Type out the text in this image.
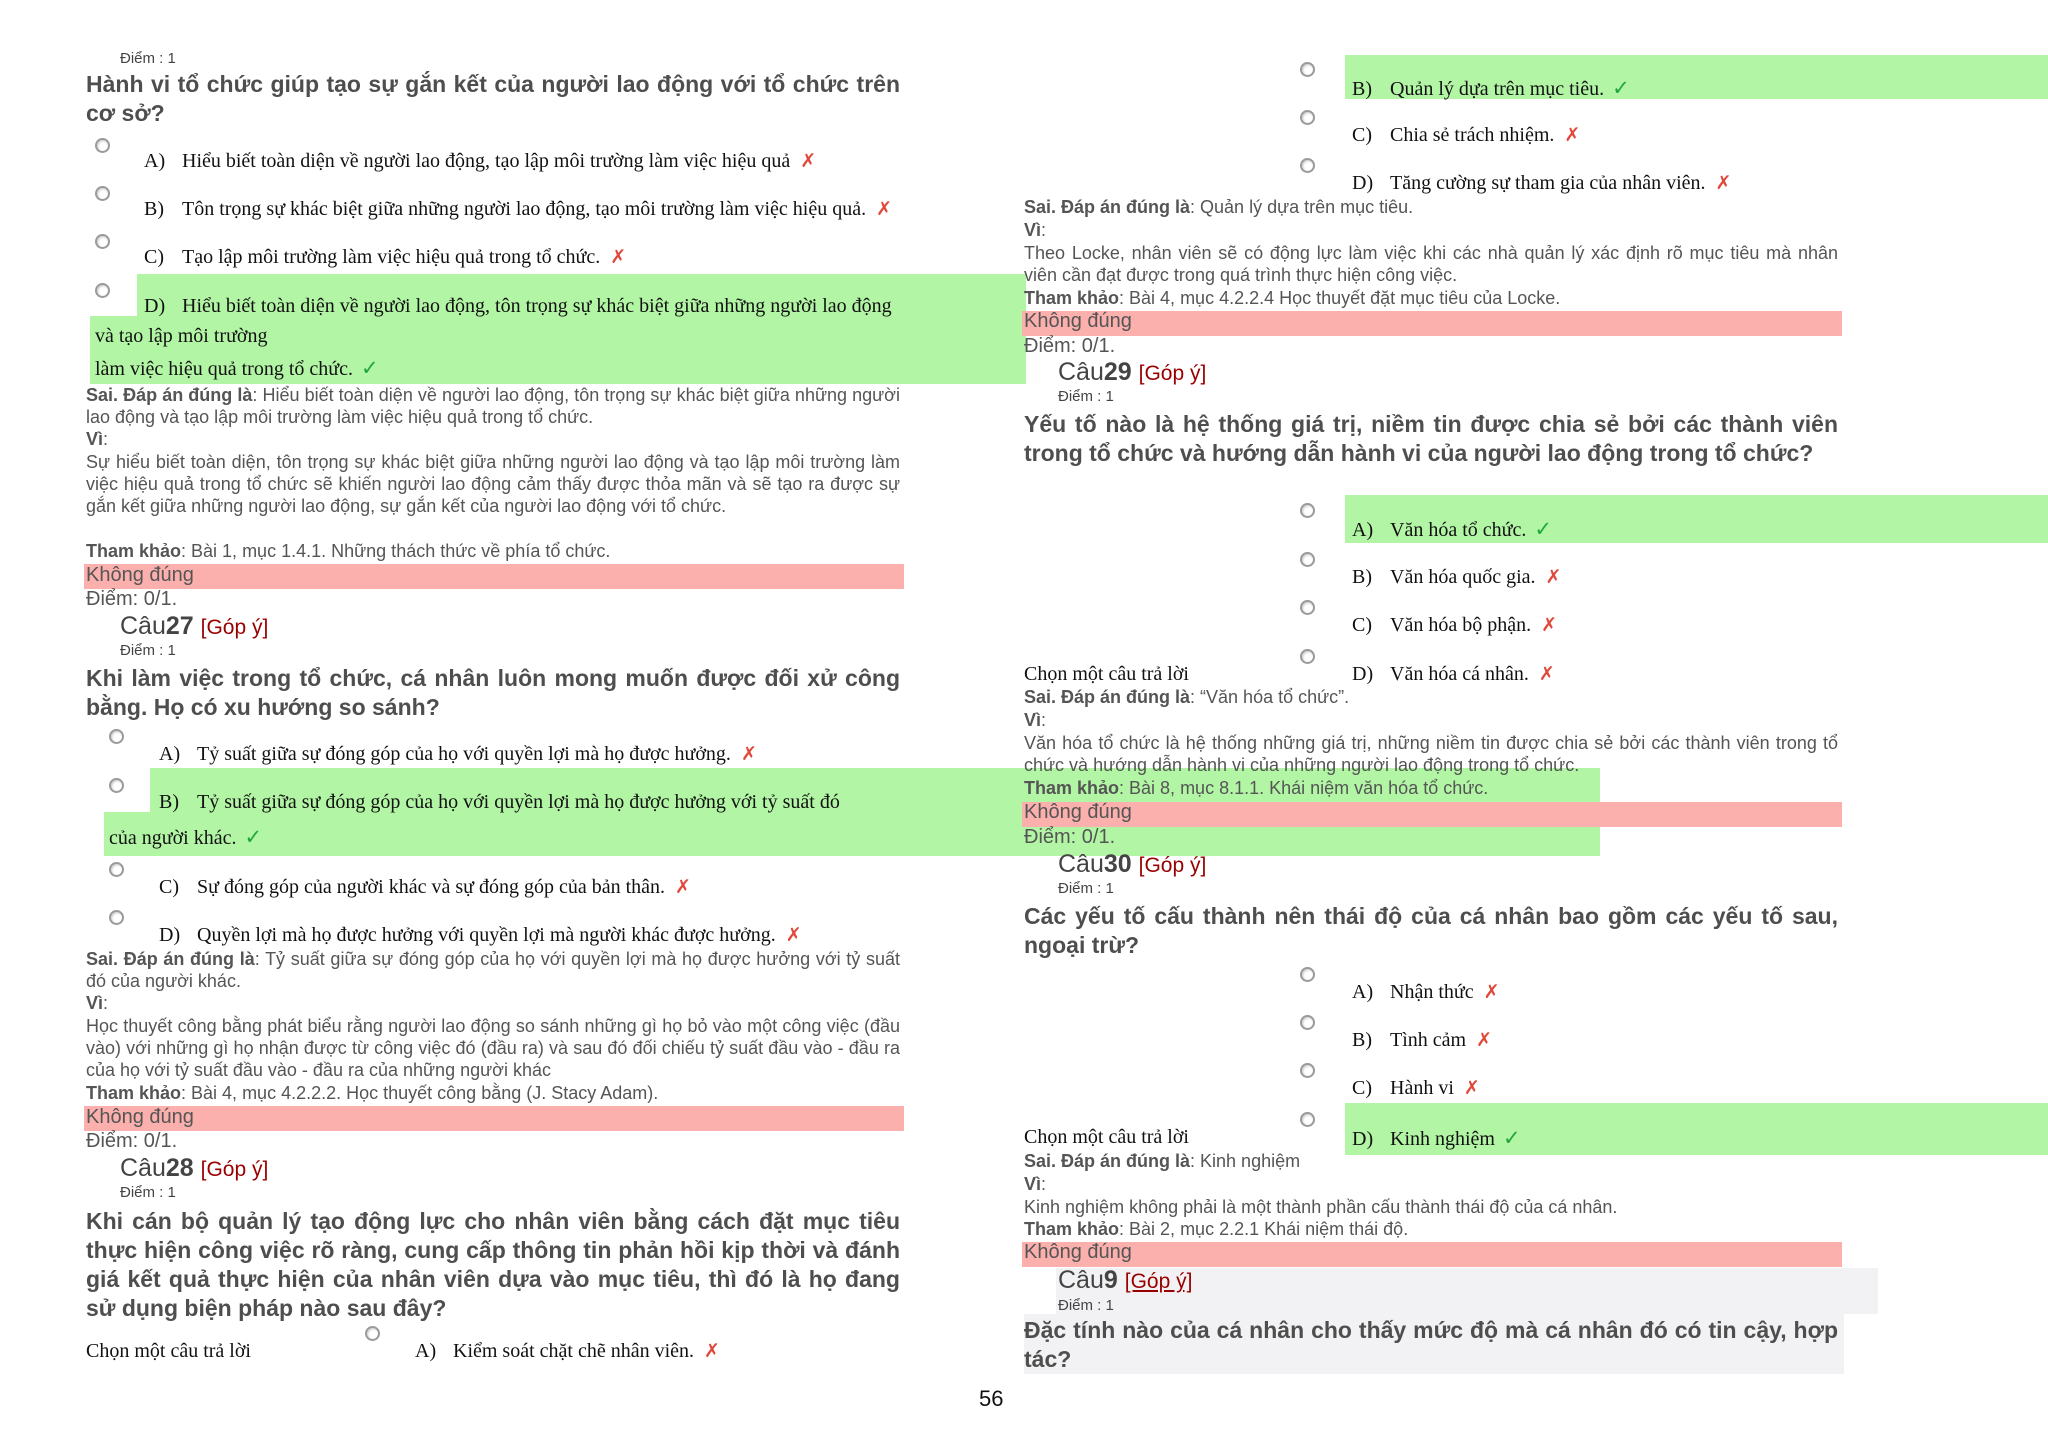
Điểm : 1
Hành vi tổ chức giúp tạo sự gắn kết của người lao động với tổ chức trên cơ sở?
A) Hiểu biết toàn diện về người lao động, tạo lập môi trường làm việc hiệu quả ✗
B) Tôn trọng sự khác biệt giữa những người lao động, tạo môi trường làm việc hiệu quả. ✗
C) Tạo lập môi trường làm việc hiệu quả trong tổ chức. ✗
D) Hiểu biết toàn diện về người lao động, tôn trọng sự khác biệt giữa những người lao động
và tạo lập môi trường
làm việc hiệu quả trong tổ chức. ✓
Sai. Đáp án đúng là: Hiểu biết toàn diện về người lao động, tôn trọng sự khác biệt giữa những người lao động và tạo lập môi trường làm việc hiệu quả trong tổ chức.
Vì:
Sự hiểu biết toàn diện, tôn trọng sự khác biệt giữa những người lao động và tạo lập môi trường làm việc hiệu quả trong tổ chức sẽ khiến người lao động cảm thấy được thỏa mãn và sẽ tạo ra được sự gắn kết giữa những người lao động, sự gắn kết của người lao động với tổ chức.
Tham khảo: Bài 1, mục 1.4.1. Những thách thức về phía tổ chức.
Không đúng
Điểm: 0/1.
Câu27 [Góp ý]
Điểm : 1
Khi làm việc trong tổ chức, cá nhân luôn mong muốn được đối xử công bằng. Họ có xu hướng so sánh?
A) Tỷ suất giữa sự đóng góp của họ với quyền lợi mà họ được hưởng. ✗
B) Tỷ suất giữa sự đóng góp của họ với quyền lợi mà họ được hưởng với tỷ suất đó
của người khác. ✓
C) Sự đóng góp của người khác và sự đóng góp của bản thân. ✗
D) Quyền lợi mà họ được hưởng với quyền lợi mà người khác được hưởng. ✗
Sai. Đáp án đúng là: Tỷ suất giữa sự đóng góp của họ với quyền lợi mà họ được hưởng với tỷ suất đó của người khác.
Vì:
Học thuyết công bằng phát biểu rằng người lao động so sánh những gì họ bỏ vào một công việc (đầu vào) với những gì họ nhận được từ công việc đó (đầu ra) và sau đó đối chiếu tỷ suất đầu vào - đầu ra của họ với tỷ suất đầu vào - đầu ra của những người khác
Tham khảo: Bài 4, mục 4.2.2.2. Học thuyết công bằng (J. Stacy Adam).
Không đúng
Điểm: 0/1.
Câu28 [Góp ý]
Điểm : 1
Khi cán bộ quản lý tạo động lực cho nhân viên bằng cách đặt mục tiêu thực hiện công việc rõ ràng, cung cấp thông tin phản hồi kịp thời và đánh giá kết quả thực hiện của nhân viên dựa vào mục tiêu, thì đó là họ đang sử dụng biện pháp nào sau đây?
Chọn một câu trả lời	A) Kiểm soát chặt chẽ nhân viên. ✗
56
B) Quản lý dựa trên mục tiêu. ✓
C) Chia sẻ trách nhiệm. ✗
D) Tăng cường sự tham gia của nhân viên. ✗
Sai. Đáp án đúng là: Quản lý dựa trên mục tiêu.
Vì:
Theo Locke, nhân viên sẽ có động lực làm việc khi các nhà quản lý xác định rõ mục tiêu mà nhân viên cần đạt được trong quá trình thực hiện công việc.
Tham khảo: Bài 4, mục 4.2.2.4 Học thuyết đặt mục tiêu của Locke.
Không đúng
Điểm: 0/1.
Câu29 [Góp ý]
Điểm : 1
Yếu tố nào là hệ thống giá trị, niềm tin được chia sẻ bởi các thành viên trong tổ chức và hướng dẫn hành vi của người lao động trong tổ chức?
A) Văn hóa tổ chức. ✓
B) Văn hóa quốc gia. ✗
C) Văn hóa bộ phận. ✗
Chọn một câu trả lời	D) Văn hóa cá nhân. ✗
Sai. Đáp án đúng là: “Văn hóa tổ chức”.
Vì:
Văn hóa tổ chức là hệ thống những giá trị, những niềm tin được chia sẻ bởi các thành viên trong tổ chức và hướng dẫn hành vi của những người lao động trong tổ chức.
Tham khảo: Bài 8, mục 8.1.1. Khái niệm văn hóa tổ chức.
Không đúng
Điểm: 0/1.
Câu30 [Góp ý]
Điểm : 1
Các yếu tố cấu thành nên thái độ của cá nhân bao gồm các yếu tố sau, ngoại trừ?
A) Nhận thức ✗
B) Tình cảm ✗
C) Hành vi ✗
Chọn một câu trả lời	D) Kinh nghiệm ✓
Sai. Đáp án đúng là: Kinh nghiệm
Vì:
Kinh nghiệm không phải là một thành phần cấu thành thái độ của cá nhân.
Tham khảo: Bài 2, mục 2.2.1 Khái niệm thái độ.
Không đúng
Câu9 [Góp ý]
Điểm : 1
Đặc tính nào của cá nhân cho thấy mức độ mà cá nhân đó có tin cậy, hợp tác?
